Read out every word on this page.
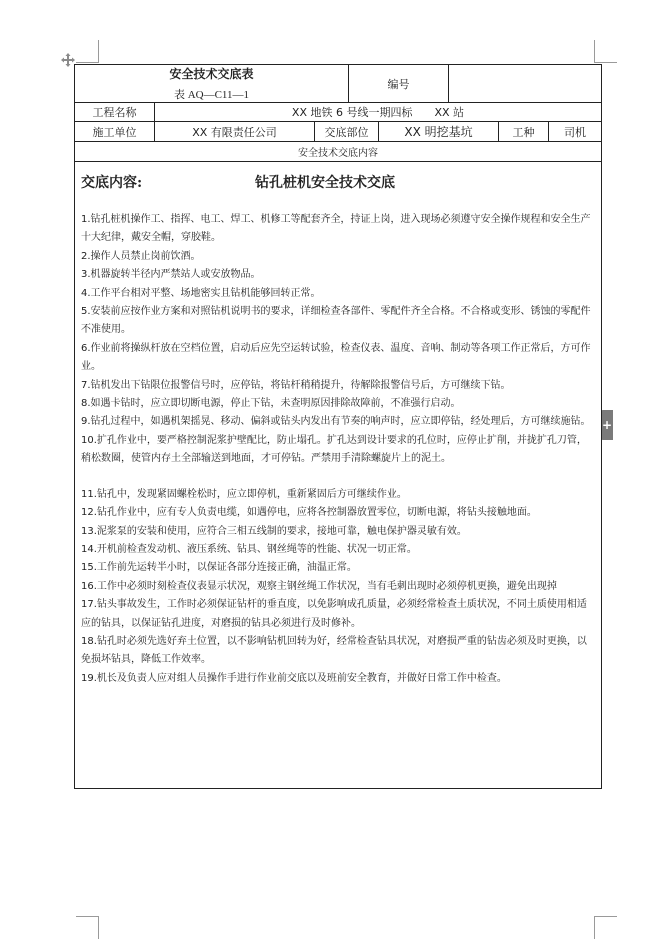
+
安全技术交底表
表 AQ—C11—1
编号
工程名称	XX 地铁 6 号线一期四标　　XX 站
施工单位	XX 有限责任公司	交底部位	XX 明挖基坑	工种	司机
安全技术交底内容
交底内容:	钻孔桩机安全技术交底

1.钻孔桩机操作工、指挥、电工、焊工、机修工等配套齐全，持证上岗，进入现场必须遵守安全操作规程和安全生产十大纪律，戴安全帽，穿胶鞋。

2.操作人员禁止岗前饮酒。

3.机器旋转半径内严禁站人或安放物品。

4.工作平台相对平整、场地密实且钻机能够回转正常。

5.安装前应按作业方案和对照钻机说明书的要求，详细检查各部件、零配件齐全合格。不合格或变形、锈蚀的零配件不准使用。

6.作业前将操纵杆放在空档位置，启动后应先空运转试验，检查仪表、温度、音响、制动等各项工作正常后，方可作业。

7.钻机发出下钻限位报警信号时，应停钻，将钻杆稍稍提升，待解除报警信号后，方可继续下钻。

8.如遇卡钻时，应立即切断电源，停止下钻，未查明原因排除故障前，不准强行启动。

9.钻孔过程中，如遇机架摇晃、移动、偏斜或钻头内发出有节奏的响声时，应立即停钻，经处理后，方可继续施钻。

10.扩孔作业中，要严格控制泥浆护壁配比，防止塌孔。扩孔达到设计要求的孔位时，应停止扩削，并拢扩孔刀管，稍松数圈，使管内存土全部输送到地面，才可停钻。严禁用手清除螺旋片上的泥土。

11.钻孔中，发现紧固螺栓松时，应立即停机，重新紧固后方可继续作业。

12.钻孔作业中，应有专人负责电缆，如遇停电，应将各控制器放置零位，切断电源，将钻头接触地面。

13.泥浆泵的安装和使用，应符合三相五线制的要求，接地可靠，触电保护器灵敏有效。

14.开机前检查发动机、液压系统、钻具、钢丝绳等的性能、状况一切正常。

15.工作前先运转半小时，以保证各部分连接正确，油温正常。

16.工作中必须时刻检查仪表显示状况，观察主钢丝绳工作状况，当有毛刺出现时必须停机更换，避免出现掉

17.钻头事故发生，工作时必须保证钻杆的垂直度，以免影响成孔质量，必须经常检查土质状况，不同土质使用相适应的钻具，以保证钻孔进度，对磨损的钻具必须进行及时修补。

18.钻孔时必须先选好弃土位置，以不影响钻机回转为好，经常检查钻具状况，对磨损严重的钻齿必须及时更换，以免损坏钻具，降低工作效率。

19.机长及负责人应对组人员操作手进行作业前交底以及班前安全教育，并做好日常工作中检查。
